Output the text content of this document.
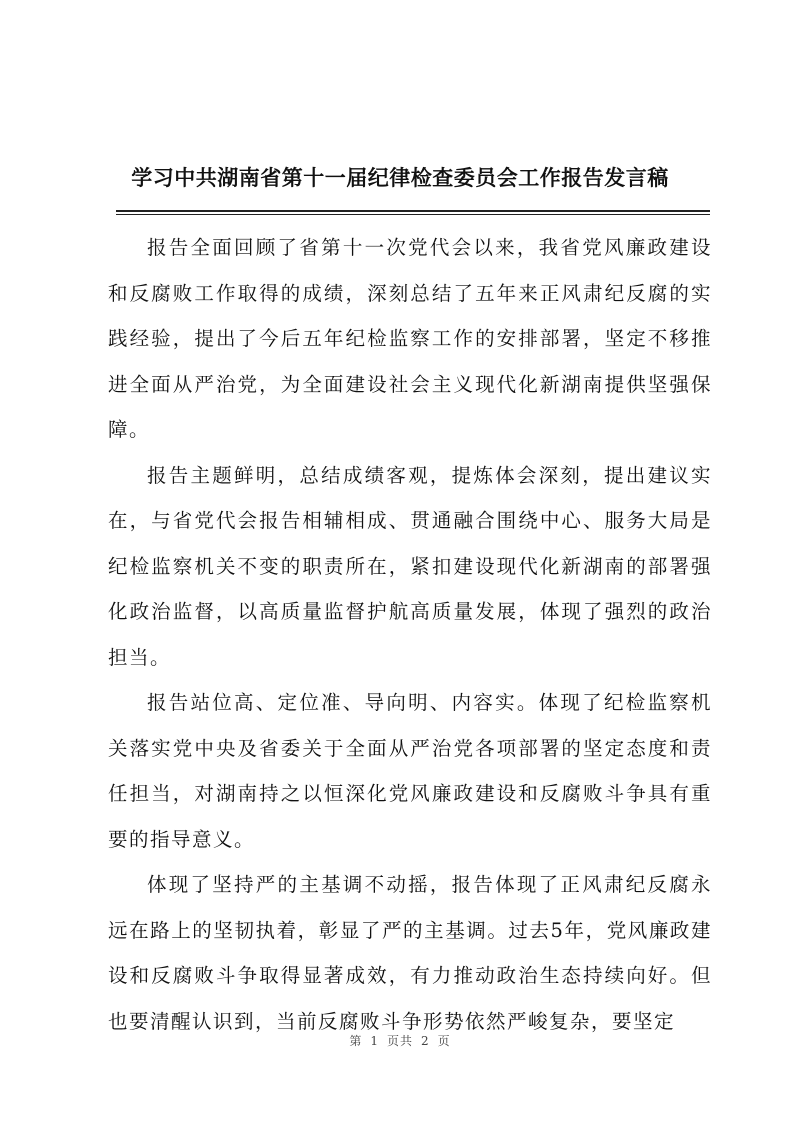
学习中共湖南省第十一届纪律检查委员会工作报告发言稿

报告全面回顾了省第十一次党代会以来，我省党风廉政建设和反腐败工作取得的成绩，深刻总结了五年来正风肃纪反腐的实践经验，提出了今后五年纪检监察工作的安排部署，坚定不移推进全面从严治党，为全面建设社会主义现代化新湖南提供坚强保障。

报告主题鲜明，总结成绩客观，提炼体会深刻，提出建议实在，与省党代会报告相辅相成、贯通融合围绕中心、服务大局是纪检监察机关不变的职责所在，紧扣建设现代化新湖南的部署强化政治监督，以高质量监督护航高质量发展，体现了强烈的政治担当。

报告站位高、定位准、导向明、内容实。体现了纪检监察机关落实党中央及省委关于全面从严治党各项部署的坚定态度和责任担当，对湖南持之以恒深化党风廉政建设和反腐败斗争具有重要的指导意义。

体现了坚持严的主基调不动摇，报告体现了正风肃纪反腐永远在路上的坚韧执着，彰显了严的主基调。过去5年，党风廉政建设和反腐败斗争取得显著成效，有力推动政治生态持续向好。但也要清醒认识到，当前反腐败斗争形势依然严峻复杂，要坚定

第 1 页共 2 页
